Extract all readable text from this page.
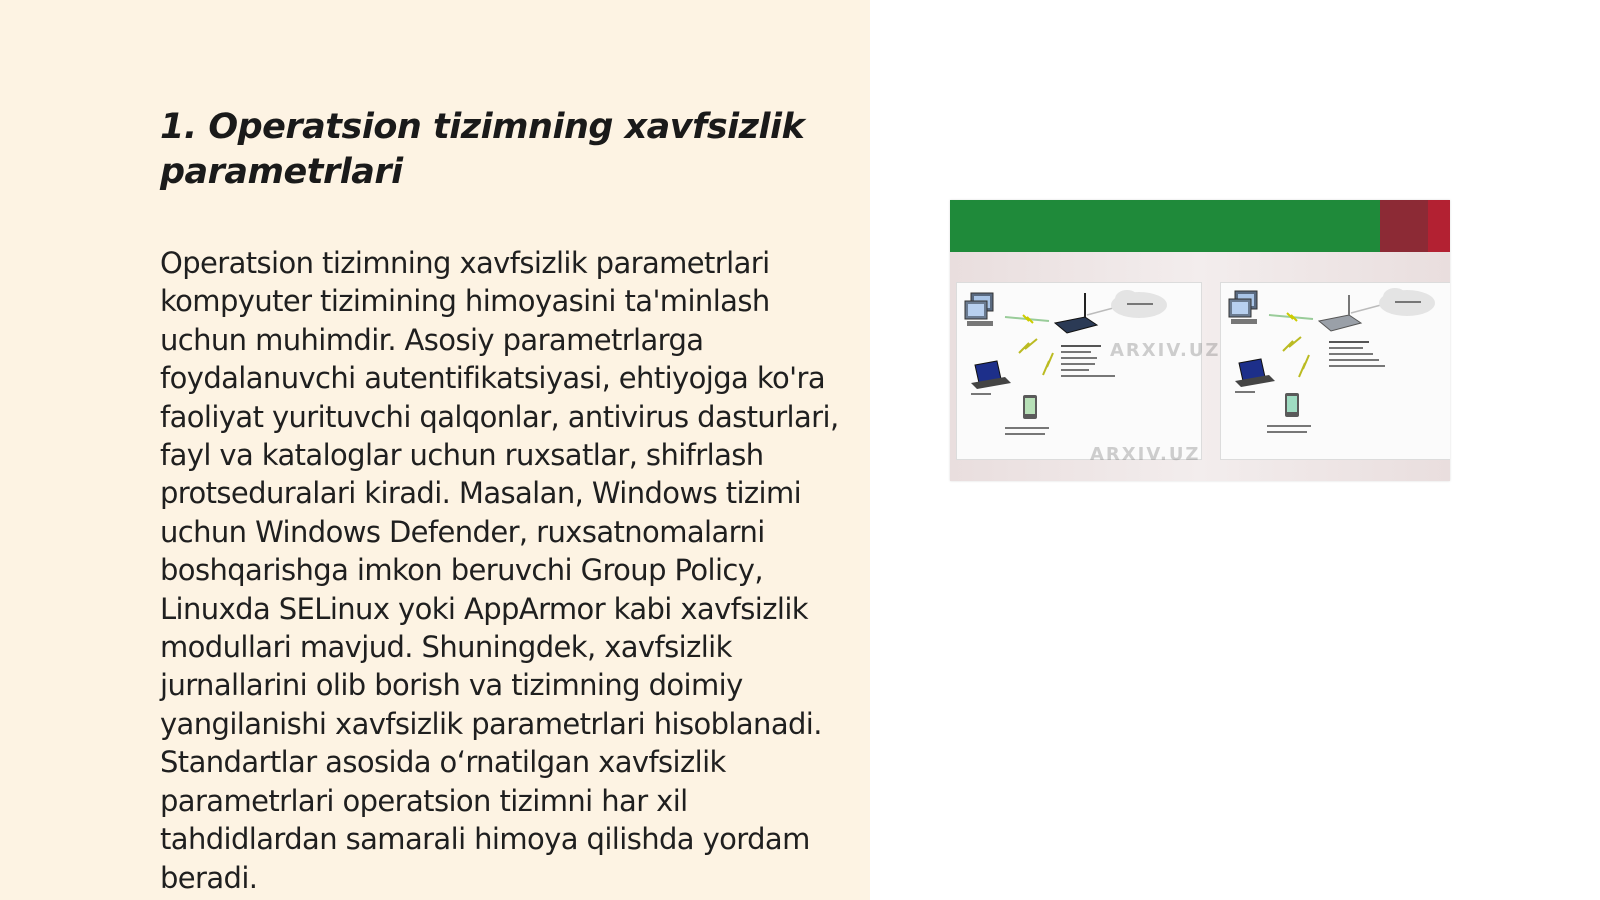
1. Operatsion tizimning xavfsizlik parametrlari

Operatsion tizimning xavfsizlik parametrlari kompyuter tizimining himoyasini ta'minlash uchun muhimdir. Asosiy parametrlarga foydalanuvchi autentifikatsiyasi, ehtiyojga ko'ra faoliyat yurituvchi qalqonlar, antivirus dasturlari, fayl va kataloglar uchun ruxsatlar, shifrlash protseduralari kiradi. Masalan, Windows tizimi uchun Windows Defender, ruxsatnomalarni boshqarishga imkon beruvchi Group Policy, Linuxda SELinux yoki AppArmor kabi xavfsizlik modullari mavjud. Shuningdek, xavfsizlik jurnallarini olib borish va tizimning doimiy yangilanishi xavfsizlik parametrlari hisoblanadi. Standartlar asosida o‘rnatilgan xavfsizlik parametrlari operatsion tizimni har xil tahdidlardan samarali himoya qilishda yordam beradi.

ARXIV.UZ
ARXIV.UZ
